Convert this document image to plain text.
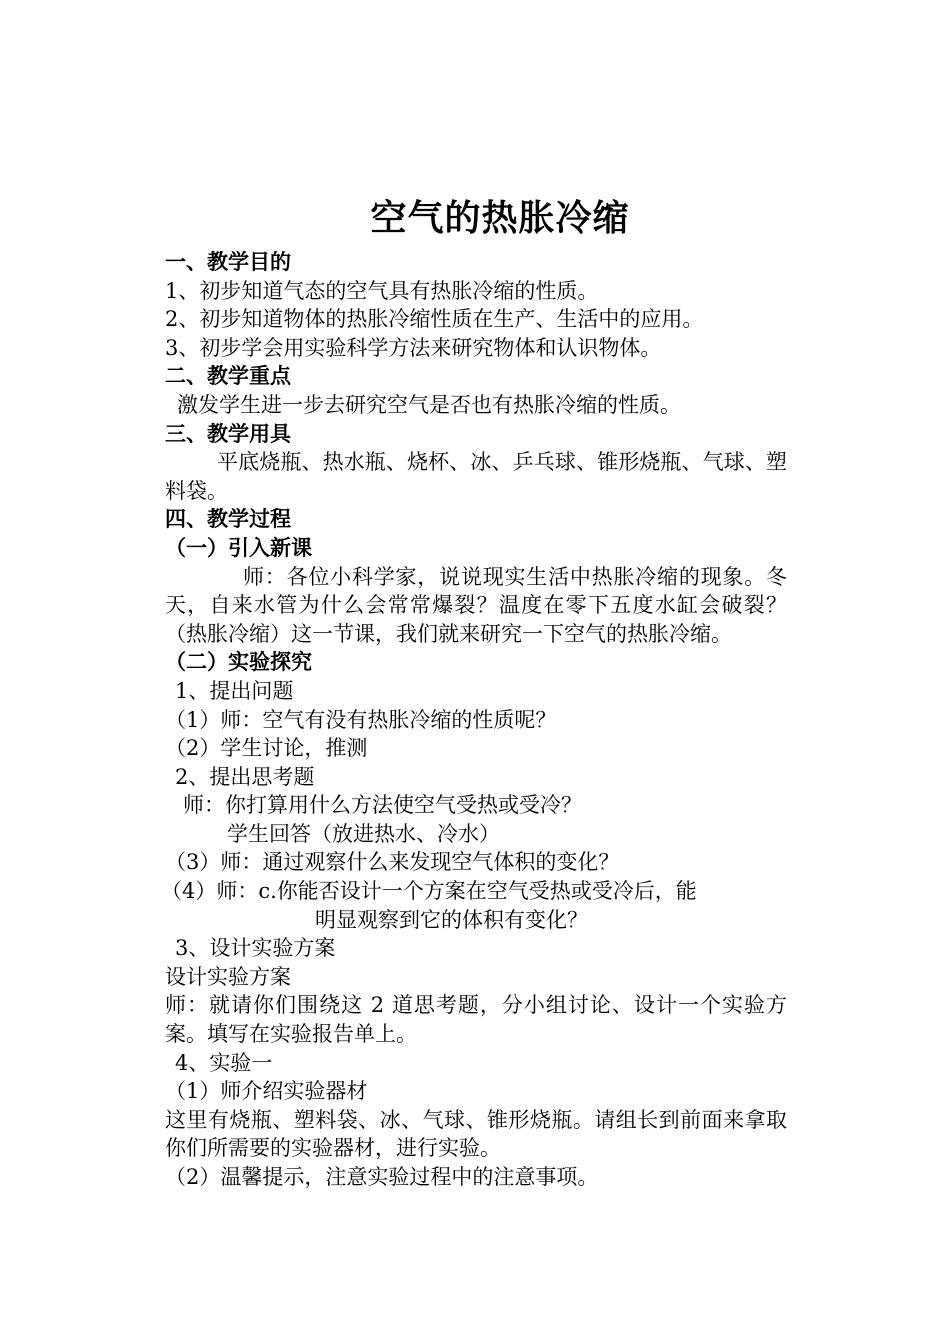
空气的热胀冷缩

一、教学目的

1、初步知道气态的空气具有热胀冷缩的性质。

2、初步知道物体的热胀冷缩性质在生产、生活中的应用。

3、初步学会用实验科学方法来研究物体和认识物体。

二、教学重点

激发学生进一步去研究空气是否也有热胀冷缩的性质。

三、教学用具

平底烧瓶、热水瓶、烧杯、冰、乒乓球、锥形烧瓶、气球、塑料袋。

四、教学过程

（一）引入新课

师：各位小科学家，说说现实生活中热胀冷缩的现象。冬天，自来水管为什么会常常爆裂？温度在零下五度水缸会破裂？（热胀冷缩）这一节课，我们就来研究一下空气的热胀冷缩。

（二）实验探究

1、提出问题

（1）师：空气有没有热胀冷缩的性质呢？

（2）学生讨论，推测

2、提出思考题

师：你打算用什么方法使空气受热或受冷？

学生回答（放进热水、冷水）

（3）师：通过观察什么来发现空气体积的变化？

（4）师：c.你能否设计一个方案在空气受热或受冷后，能

明显观察到它的体积有变化？

3、设计实验方案

设计实验方案

师：就请你们围绕这 2 道思考题，分小组讨论、设计一个实验方案。填写在实验报告单上。

4、实验一

（1）师介绍实验器材

这里有烧瓶、塑料袋、冰、气球、锥形烧瓶。请组长到前面来拿取你们所需要的实验器材，进行实验。

（2）温馨提示，注意实验过程中的注意事项。
